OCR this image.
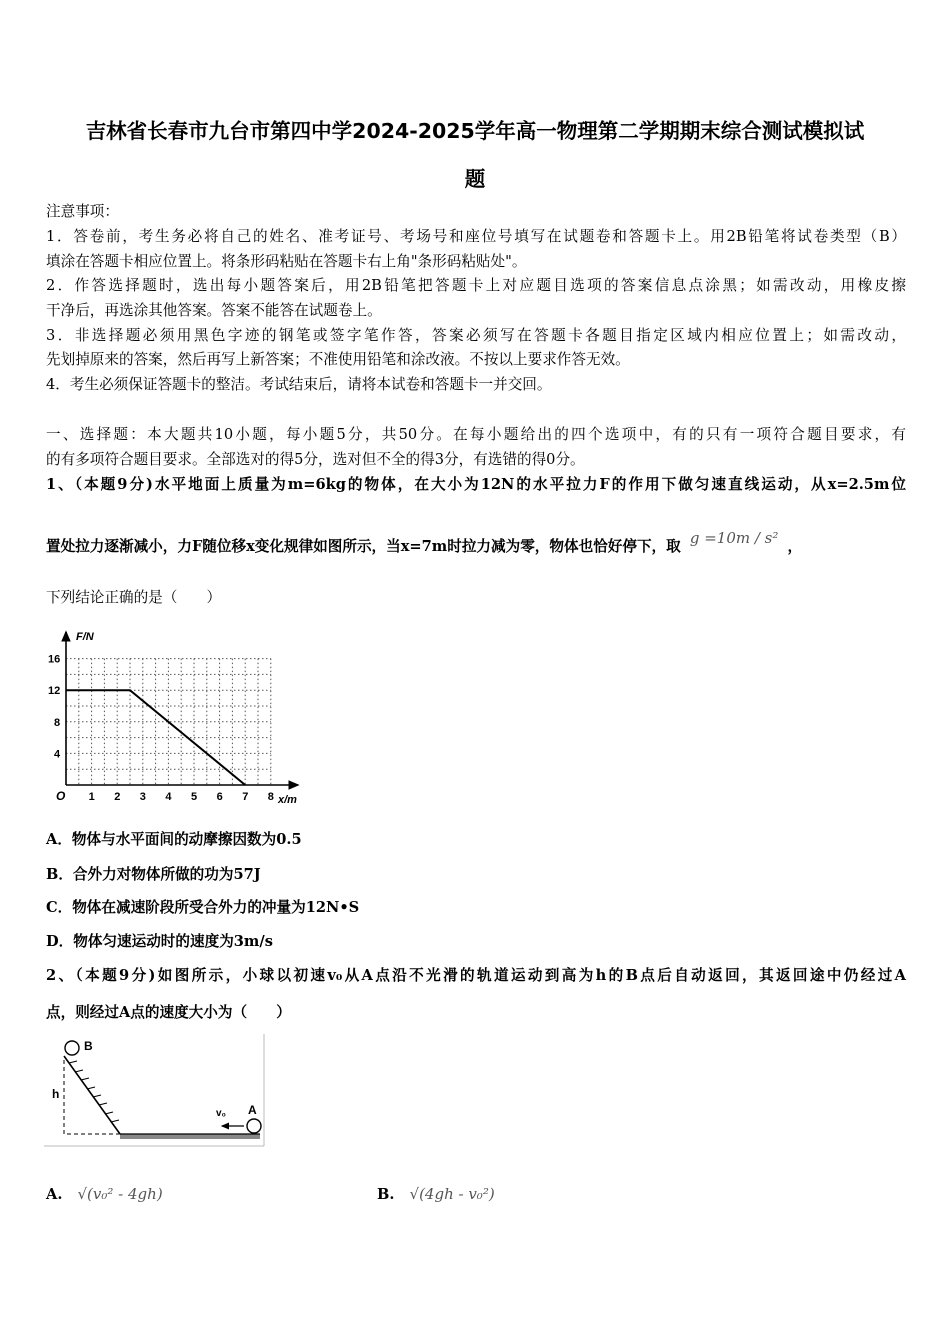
吉林省长春市九台市第四中学2024-2025学年高一物理第二学期期末综合测试模拟试
题
注意事项：
1．答卷前，考生务必将自己的姓名、准考证号、考场号和座位号填写在试题卷和答题卡上。用2B铅笔将试卷类型（B）
填涂在答题卡相应位置上。将条形码粘贴在答题卡右上角"条形码粘贴处"。
2．作答选择题时，选出每小题答案后，用2B铅笔把答题卡上对应题目选项的答案信息点涂黑；如需改动，用橡皮擦
干净后，再选涂其他答案。答案不能答在试题卷上。
3．非选择题必须用黑色字迹的钢笔或签字笔作答，答案必须写在答题卡各题目指定区域内相应位置上；如需改动，
先划掉原来的答案，然后再写上新答案；不准使用铅笔和涂改液。不按以上要求作答无效。
4．考生必须保证答题卡的整洁。考试结束后，请将本试卷和答题卡一并交回。
一、选择题：本大题共10小题，每小题5分，共50分。在每小题给出的四个选项中，有的只有一项符合题目要求，有
的有多项符合题目要求。全部选对的得5分，选对但不全的得3分，有选错的得0分。
1、（本题9分)水平地面上质量为m=6kg的物体，在大小为12N的水平拉力F的作用下做匀速直线运动，从x=2.5m位
置处拉力逐渐减小，力F随位移x变化规律如图所示，当x=7m时拉力减为零，物体也恰好停下，取 g =10m / s² ，
下列结论正确的是（　　）
F/N
x/m
O 1 2 3 4 5 6 7 8
16
12
8
4
A．物体与水平面间的动摩擦因数为0.5
B．合外力对物体所做的功为57J
C．物体在减速阶段所受合外力的冲量为12N•S
D．物体匀速运动时的速度为3m/s
2、（本题9分)如图所示，小球以初速v₀从A点沿不光滑的轨道运动到高为h的B点后自动返回，其返回途中仍经过A
点，则经过A点的速度大小为（　　）
B
A
h
v₀
A. √(v₀² - 4gh)	B. √(4gh - v₀²)
